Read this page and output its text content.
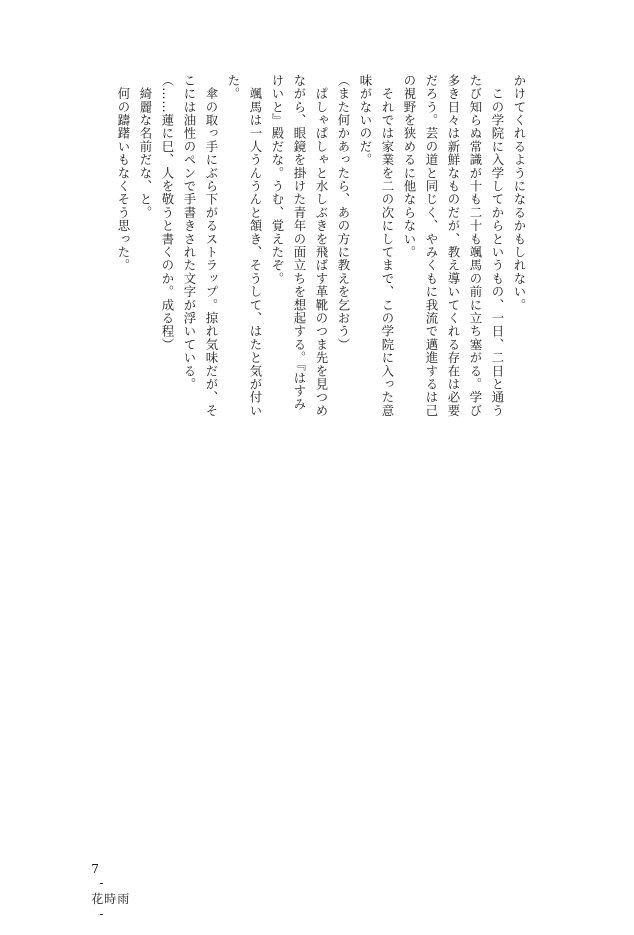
かけてくれるようになるかもしれない。

　この学院に入学してからというもの、一日、二日と通う

たび知らぬ常識が十も二十も颯馬の前に立ち塞がる。学び

多き日々は新鮮なものだが、教え導いてくれる存在は必要

だろう。芸の道と同じく、やみくもに我流で邁進するは己

の視野を狭めるに他ならない。

　それでは家業を二の次にしてまで、この学院に入った意

味がないのだ。

（また何かあったら、あの方に教えを乞おう）

　ぱしゃぱしゃと水しぶきを飛ばす革靴のつま先を見つめ

ながら、眼鏡を掛けた青年の面立ちを想起する。『はすみ

けいと』殿だな。うむ、覚えたぞ。

　颯馬は一人うんうんと頷き、そうして、はたと気が付い

た。

　傘の取っ手にぶら下がるストラップ。掠れ気味だが、そ

こには油性のペンで手書きされた文字が浮いている。

（……蓮に巳、人を敬うと書くのか。成る程）

　綺麗な名前だな、と。

　何の躊躇いもなくそう思った。

7
-
花時雨
-
